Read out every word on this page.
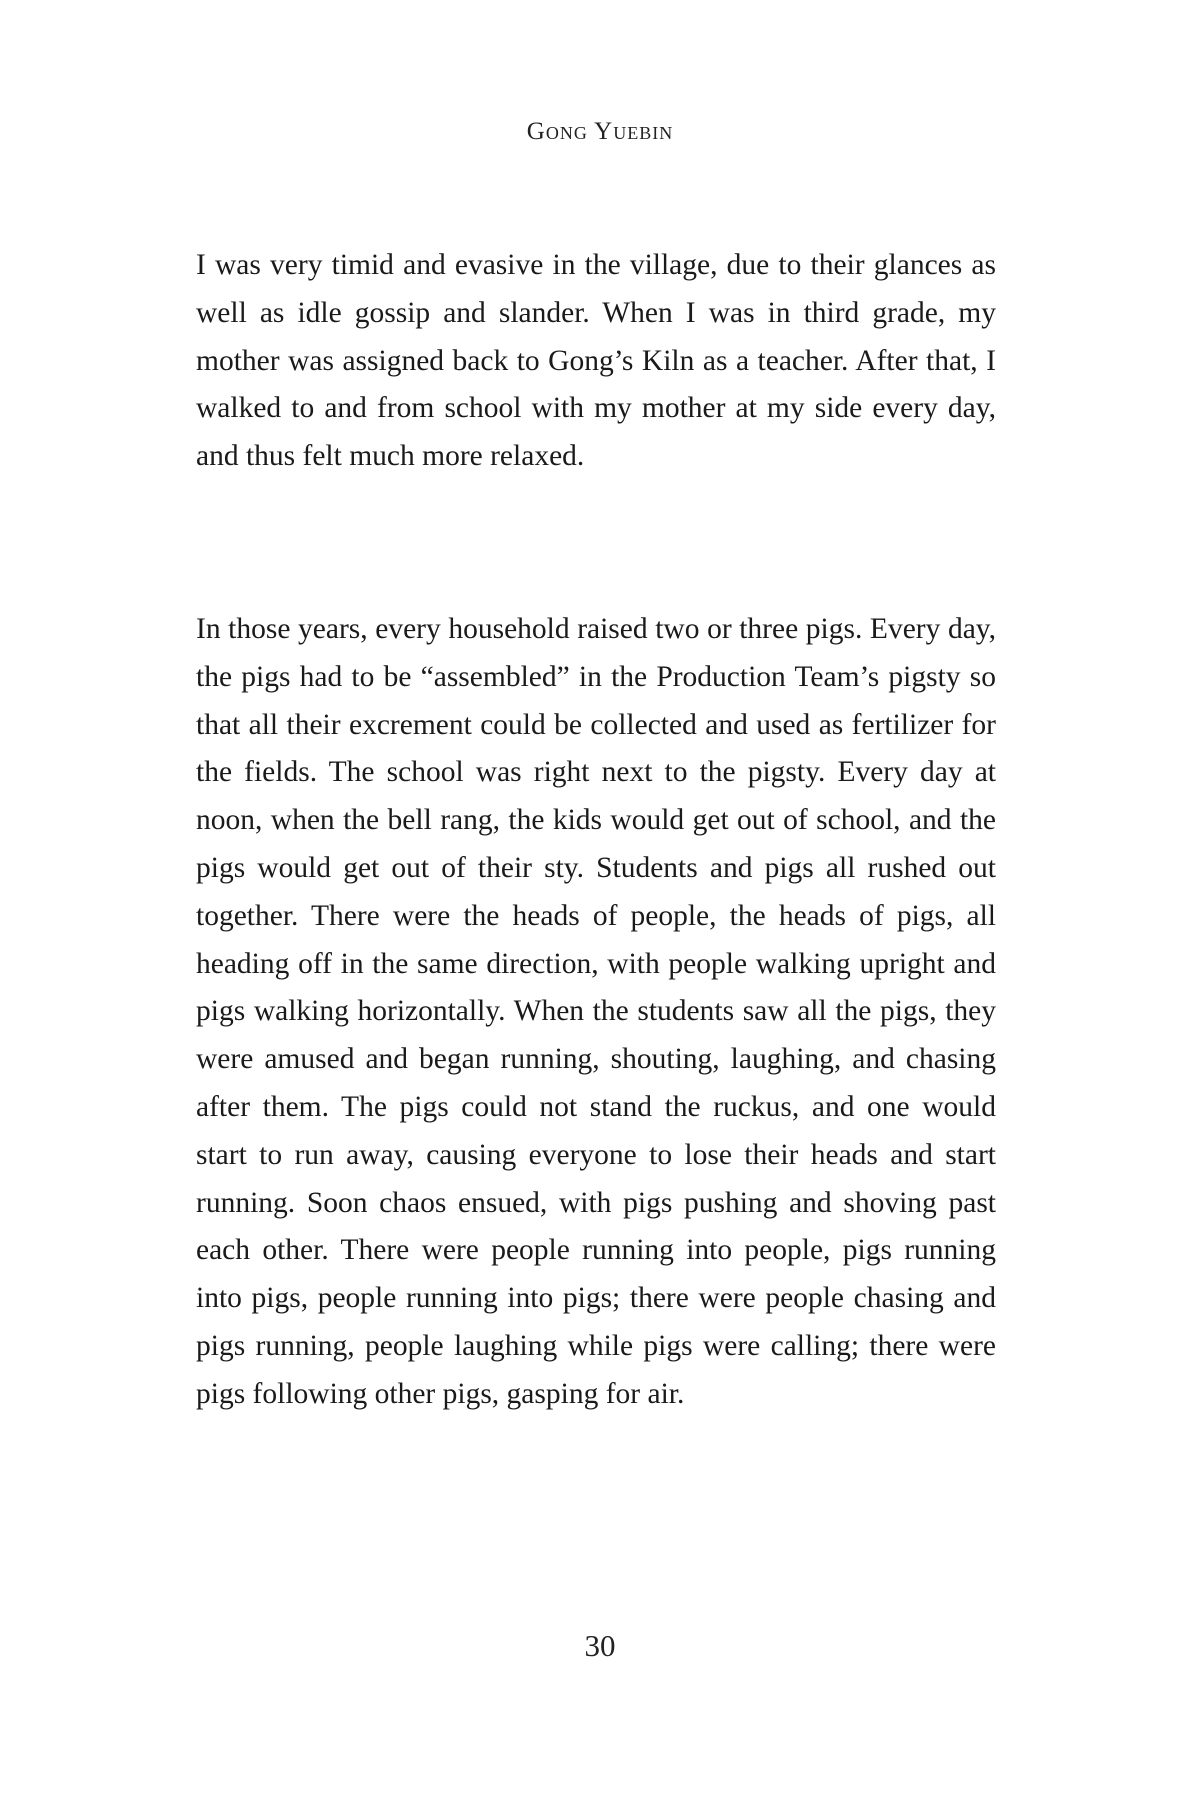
Gong Yuebin

I was very timid and evasive in the village, due to their glances as well as idle gossip and slander. When I was in third grade, my mother was assigned back to Gong’s Kiln as a teacher. After that, I walked to and from school with my mother at my side every day, and thus felt much more relaxed.

In those years, every household raised two or three pigs. Every day, the pigs had to be “assembled” in the Production Team’s pigsty so that all their excrement could be collected and used as fertilizer for the fields. The school was right next to the pigsty. Every day at noon, when the bell rang, the kids would get out of school, and the pigs would get out of their sty. Students and pigs all rushed out together. There were the heads of people, the heads of pigs, all heading off in the same direction, with people walking upright and pigs walking horizontally. When the students saw all the pigs, they were amused and began running, shouting, laughing, and chasing after them. The pigs could not stand the ruckus, and one would start to run away, causing everyone to lose their heads and start running. Soon chaos ensued, with pigs pushing and shoving past each other. There were people running into people, pigs running into pigs, people running into pigs; there were people chasing and pigs running, people laughing while pigs were calling; there were pigs following other pigs, gasping for air.

30
